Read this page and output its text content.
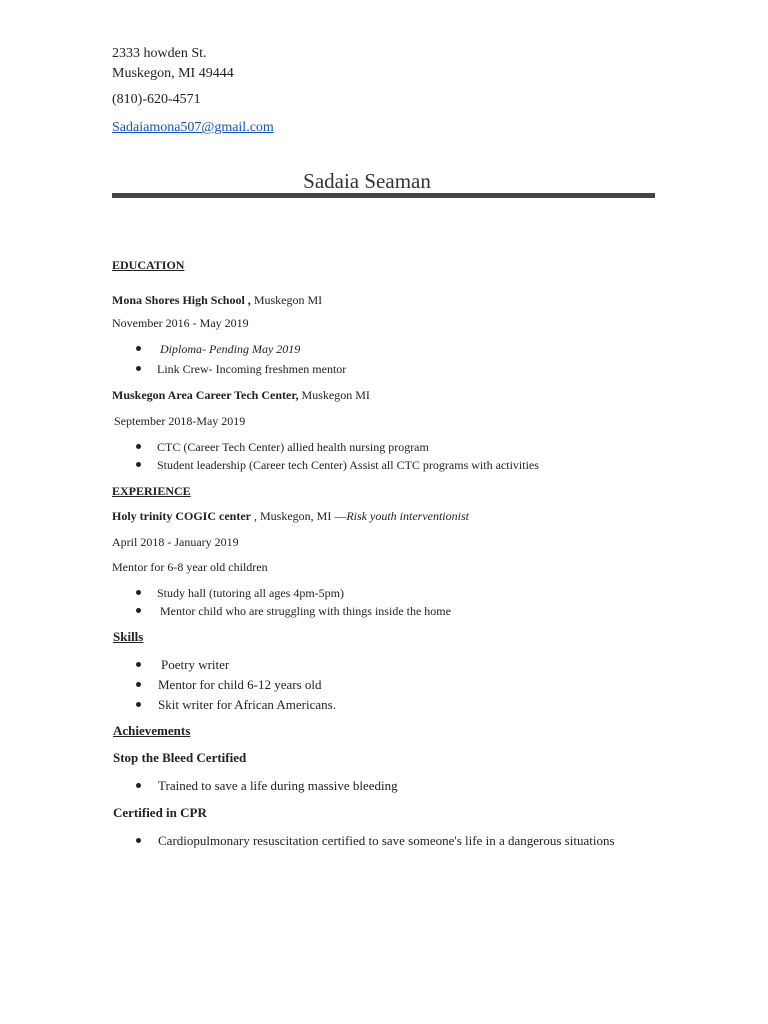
2333 howden St.
Muskegon, MI 49444
(810)-620-4571
Sadaiamona507@gmail.com
Sadaia Seaman
EDUCATION
Mona Shores High School , Muskegon MI
November 2016 - May 2019
Diploma- Pending May 2019
Link Crew- Incoming freshmen mentor
Muskegon Area Career Tech Center, Muskegon MI
September 2018-May 2019
CTC (Career Tech Center) allied health nursing program
Student leadership (Career tech Center) Assist all CTC programs with activities
EXPERIENCE
Holy trinity COGIC center , Muskegon, MI —Risk youth interventionist
April 2018 - January 2019
Mentor for 6-8 year old children
Study hall (tutoring all ages 4pm-5pm)
Mentor child who are struggling with things inside the home
Skills
Poetry writer
Mentor for child 6-12 years old
Skit writer for African Americans.
Achievements
Stop the Bleed Certified
Trained to save a life during massive bleeding
Certified in CPR
Cardiopulmonary resuscitation certified to save someone's life in a dangerous situations
